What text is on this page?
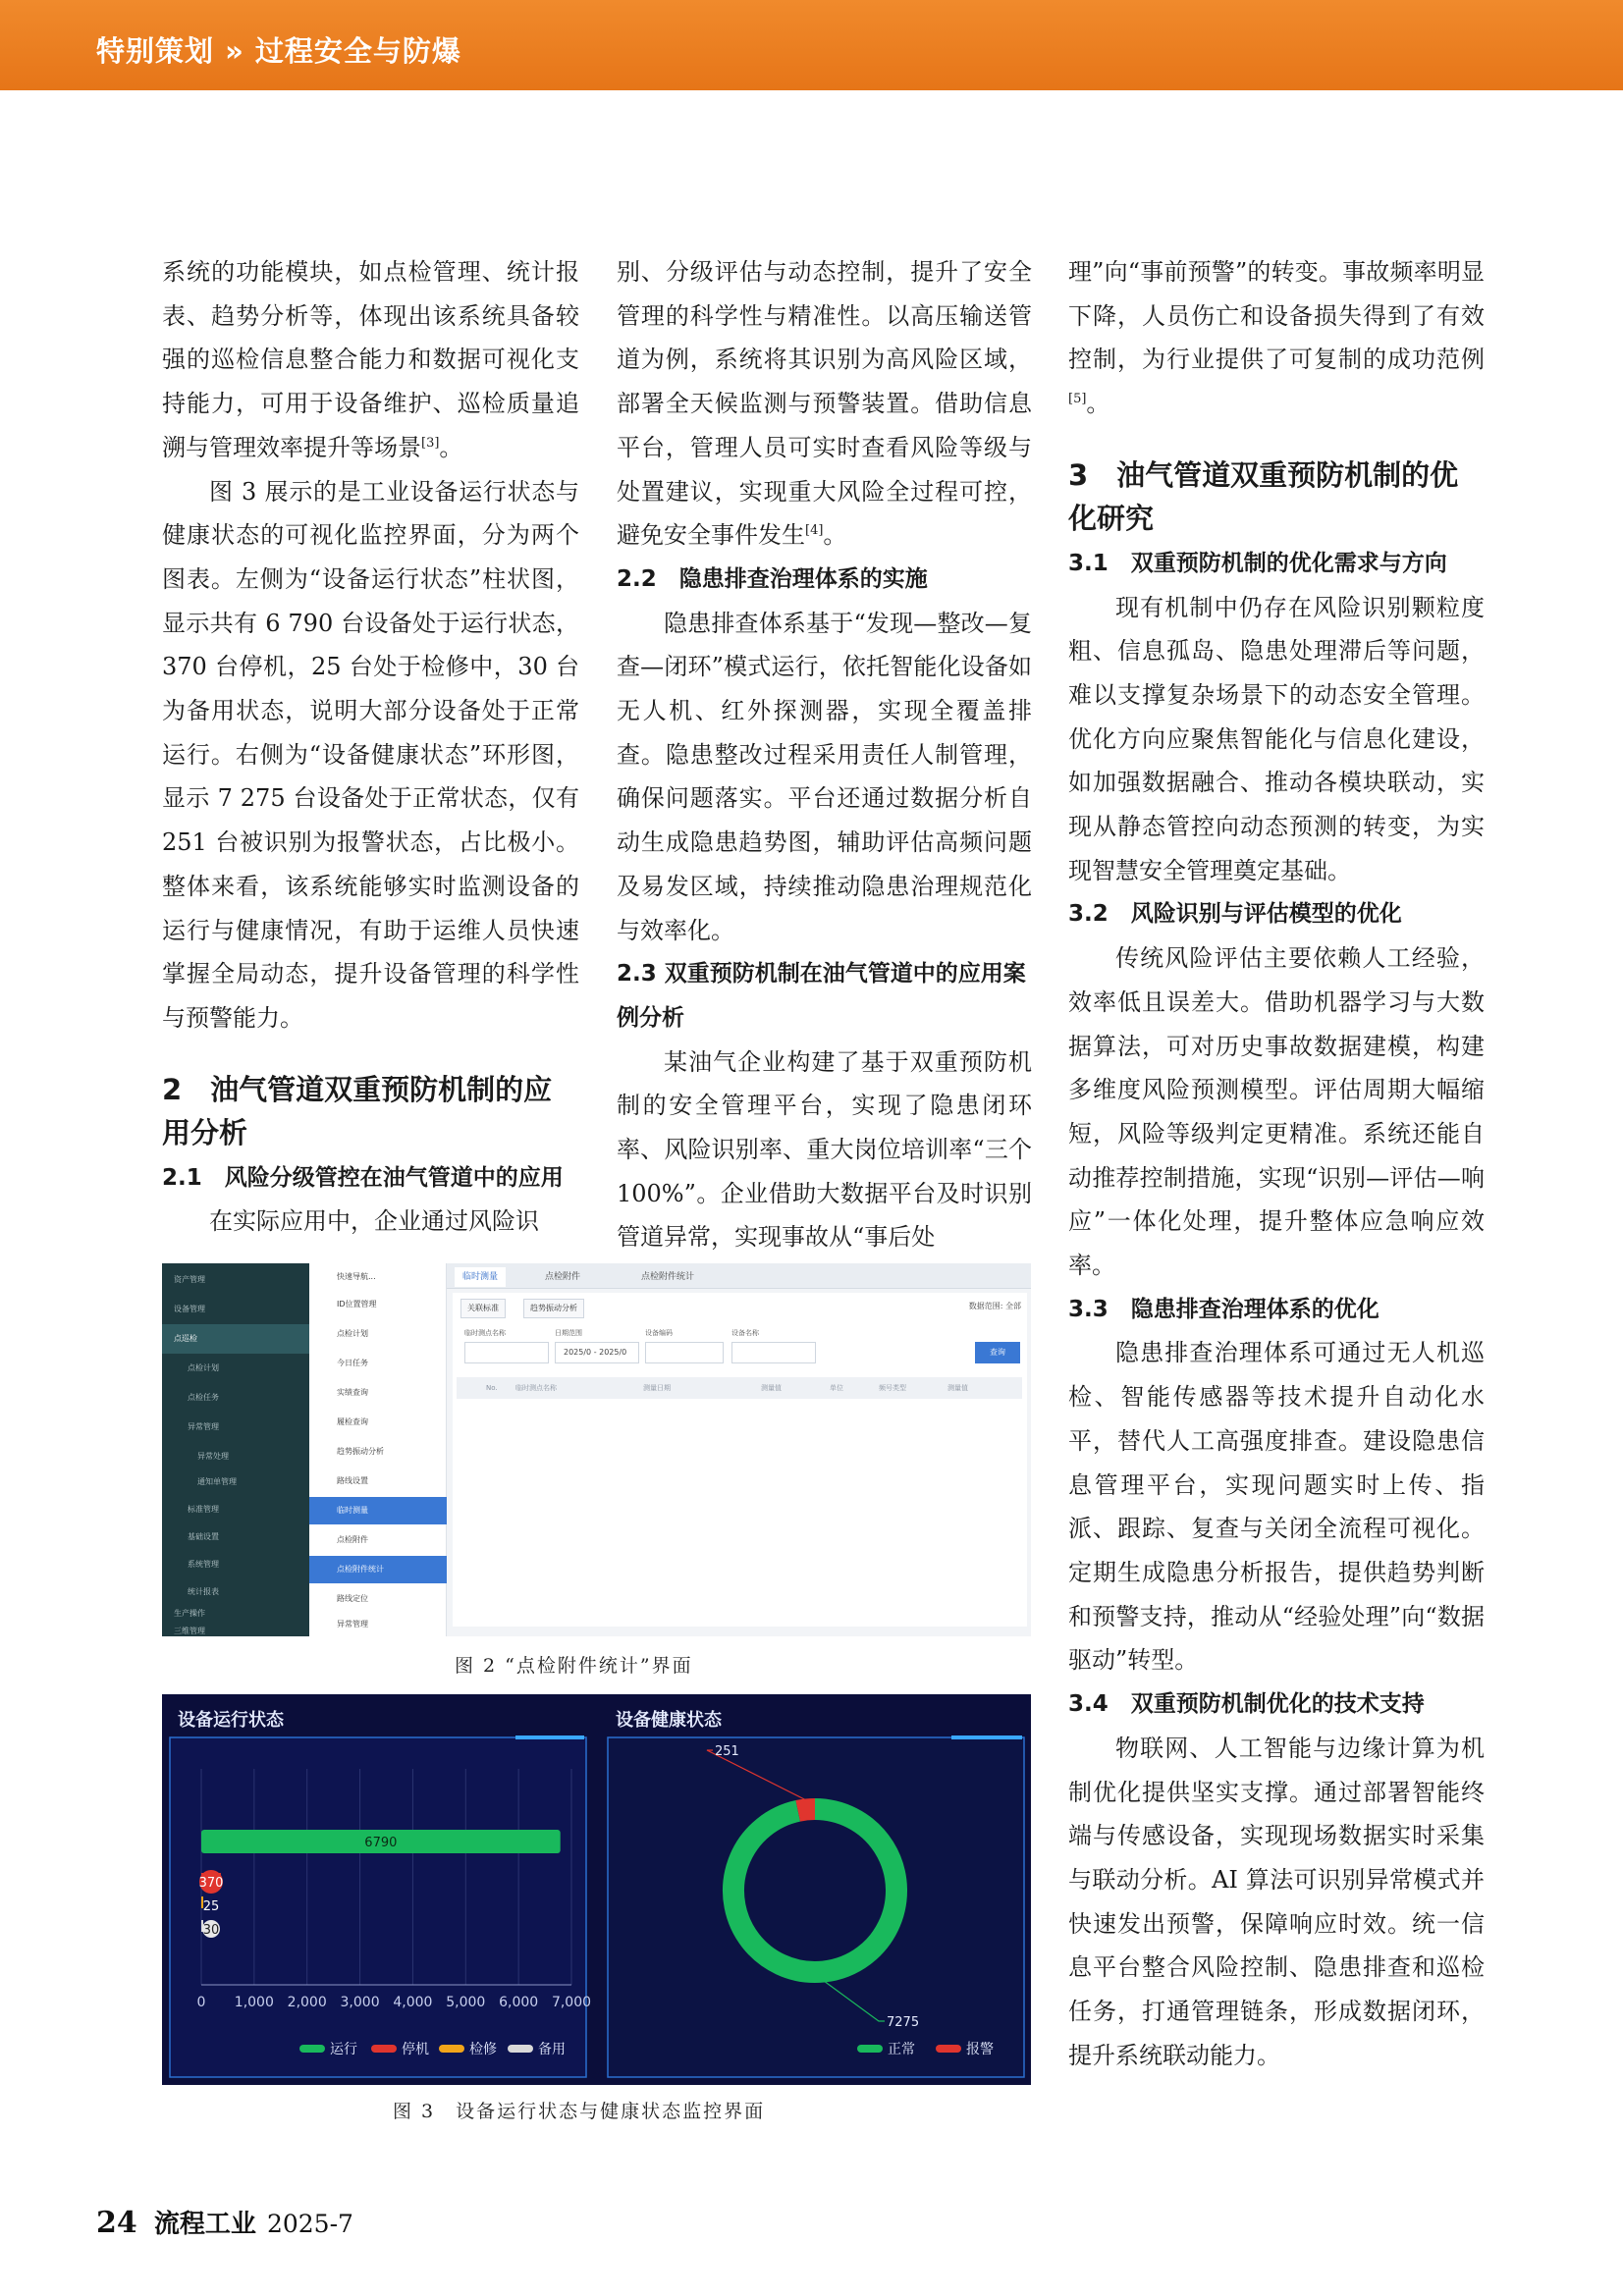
特别策划 » 过程安全与防爆

系统的功能模块，如点检管理、统计报表、趋势分析等，体现出该系统具备较强的巡检信息整合能力和数据可视化支持能力，可用于设备维护、巡检质量追溯与管理效率提升等场景[3]。

图 3 展示的是工业设备运行状态与健康状态的可视化监控界面，分为两个图表。左侧为“设备运行状态”柱状图，显示共有 6 790 台设备处于运行状态，370 台停机，25 台处于检修中，30 台为备用状态，说明大部分设备处于正常运行。右侧为“设备健康状态”环形图，显示 7 275 台设备处于正常状态，仅有 251 台被识别为报警状态，占比极小。整体来看，该系统能够实时监测设备的运行与健康情况，有助于运维人员快速掌握全局动态，提升设备管理的科学性与预警能力。

2　油气管道双重预防机制的应用分析
2.1　风险分级管控在油气管道中的应用

在实际应用中，企业通过风险识

别、分级评估与动态控制，提升了安全管理的科学性与精准性。以高压输送管道为例，系统将其识别为高风险区域，部署全天候监测与预警装置。借助信息平台，管理人员可实时查看风险等级与处置建议，实现重大风险全过程可控，避免安全事件发生[4]。

2.2　隐患排查治理体系的实施

隐患排查体系基于“发现—整改—复查—闭环”模式运行，依托智能化设备如无人机、红外探测器，实现全覆盖排查。隐患整改过程采用责任人制管理，确保问题落实。平台还通过数据分析自动生成隐患趋势图，辅助评估高频问题及易发区域，持续推动隐患治理规范化与效率化。

2.3 双重预防机制在油气管道中的应用案例分析

某油气企业构建了基于双重预防机制的安全管理平台，实现了隐患闭环率、风险识别率、重大岗位培训率“三个 100%”。企业借助大数据平台及时识别管道异常，实现事故从“事后处

理”向“事前预警”的转变。事故频率明显下降，人员伤亡和设备损失得到了有效控制，为行业提供了可复制的成功范例[5]。

3　油气管道双重预防机制的优化研究
3.1　双重预防机制的优化需求与方向

现有机制中仍存在风险识别颗粒度粗、信息孤岛、隐患处理滞后等问题，难以支撑复杂场景下的动态安全管理。优化方向应聚焦智能化与信息化建设，如加强数据融合、推动各模块联动，实现从静态管控向动态预测的转变，为实现智慧安全管理奠定基础。

3.2　风险识别与评估模型的优化

传统风险评估主要依赖人工经验，效率低且误差大。借助机器学习与大数据算法，可对历史事故数据建模，构建多维度风险预测模型。评估周期大幅缩短，风险等级判定更精准。系统还能自动推荐控制措施，实现“识别—评估—响应”一体化处理，提升整体应急响应效率。

3.3　隐患排查治理体系的优化

隐患排查治理体系可通过无人机巡检、智能传感器等技术提升自动化水平，替代人工高强度排查。建设隐患信息管理平台，实现问题实时上传、指派、跟踪、复查与关闭全流程可视化。定期生成隐患分析报告，提供趋势判断和预警支持，推动从“经验处理”向“数据驱动”转型。

3.4　双重预防机制优化的技术支持

物联网、人工智能与边缘计算为机制优化提供坚实支撑。通过部署智能终端与传感设备，实现现场数据实时采集与联动分析。AI 算法可识别异常模式并快速发出预警，保障响应时效。统一信息平台整合风险控制、隐患排查和巡检任务，打通管理链条，形成数据闭环，提升系统联动能力。

资产管理
设备管理
点巡检
点检计划
点检任务
异常管理
异常处理
通知单管理
标准管理
基础设置
系统管理
统计报表
生产操作
三维管理
快速导航...
ID位置管理
点检计划
今日任务
实绩查询
履检查询
趋势振动分析
路线设置
临时测量
点检附件
点检附件统计
路线定位
异常管理
临时测量	点检附件	点检附件统计
关联标准	趋势振动分析	数据范围: 全部
临时测点名称	日期范围	设备编码	设备名称
2025/0 - 2025/0	查询
No.	临时测点名称	测量日期	测量值	单位	频号类型	测量值
图 2 “点检附件统计”界面
设备运行状态
0 1,000 2,000 3,000 4,000 5,000 6,000 7,000
6790
370
25
30
运行	停机	检修	备用
设备健康状态
7275
251
正常	报警
图 3　设备运行状态与健康状态监控界面
24 流程工业 2025-7
